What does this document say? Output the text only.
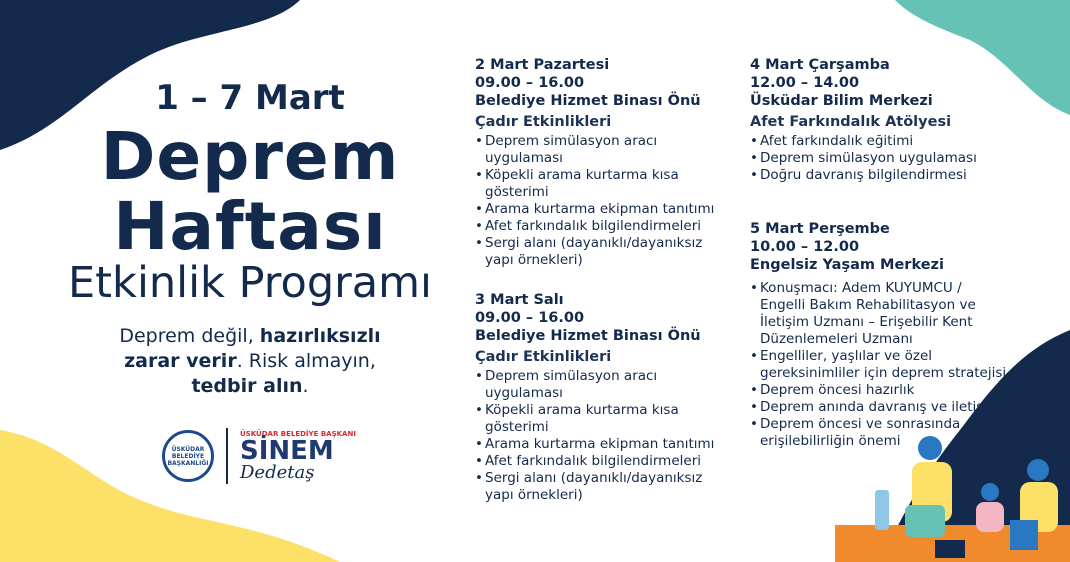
1 – 7 Mart
Deprem
Haftası
Etkinlik Programı
Deprem değil, hazırlıksızlı
zarar verir. Risk almayın,
tedbir alın.
ÜSKÜDAR BELEDİYE BAŞKANLIĞI
ÜSKÜDAR BELEDİYE BAŞKANI
SİNEM
Dedetaş
2 Mart Pazartesi
09.00 – 16.00
Belediye Hizmet Binası Önü
Çadır Etkinlikleri
• Deprem simülasyon aracı uygulaması
• Köpekli arama kurtarma kısa gösterimi
• Arama kurtarma ekipman tanıtımı
• Afet farkındalık bilgilendirmeleri
• Sergi alanı (dayanıklı/dayanıksız yapı örnekleri)
3 Mart Salı
09.00 – 16.00
Belediye Hizmet Binası Önü
Çadır Etkinlikleri
• Deprem simülasyon aracı uygulaması
• Köpekli arama kurtarma kısa gösterimi
• Arama kurtarma ekipman tanıtımı
• Afet farkındalık bilgilendirmeleri
• Sergi alanı (dayanıklı/dayanıksız yapı örnekleri)
4 Mart Çarşamba
12.00 – 14.00
Üsküdar Bilim Merkezi
Afet Farkındalık Atölyesi
• Afet farkındalık eğitimi
• Deprem simülasyon uygulaması
• Doğru davranış bilgilendirmesi
5 Mart Perşembe
10.00 – 12.00
Engelsiz Yaşam Merkezi
• Konuşmacı: Adem KUYUMCU / Engelli Bakım Rehabilitasyon ve İletişim Uzmanı – Erişebilir Kent Düzenlemeleri Uzmanı
• Engelliler, yaşlılar ve özel gereksinimliler için deprem stratejisi
• Deprem öncesi hazırlık
• Deprem anında davranış ve iletişim
• Deprem öncesi ve sonrasında erişilebilirliğin önemi
